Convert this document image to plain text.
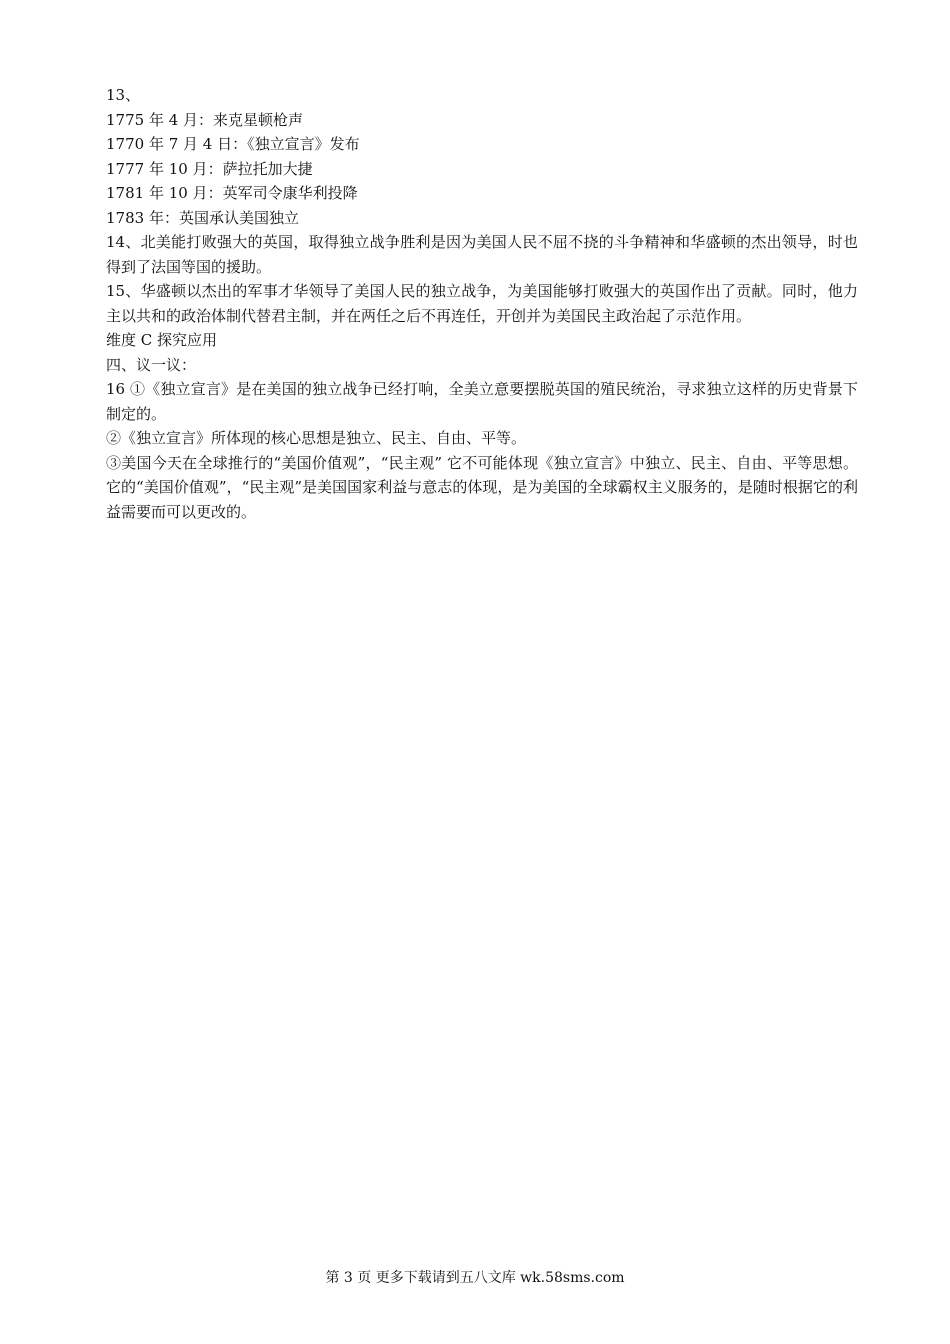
13、

1775 年 4 月：来克星顿枪声

1770 年 7 月 4 日：《独立宣言》发布

1777 年 10 月：萨拉托加大捷

1781 年 10 月：英军司令康华利投降

1783 年：英国承认美国独立

14、北美能打败强大的英国，取得独立战争胜利是因为美国人民不屈不挠的斗争精神和华盛顿的杰出领导，时也得到了法国等国的援助。

15、华盛顿以杰出的军事才华领导了美国人民的独立战争，为美国能够打败强大的英国作出了贡献。同时，他力主以共和的政治体制代替君主制，并在两任之后不再连任，开创并为美国民主政治起了示范作用。

维度 C 探究应用

四、议一议：

16 ①《独立宣言》是在美国的独立战争已经打响，全美立意要摆脱英国的殖民统治，寻求独立这样的历史背景下制定的。

②《独立宣言》所体现的核心思想是独立、民主、自由、平等。

③美国今天在全球推行的“美国价值观”，“民主观” 它不可能体现《独立宣言》中独立、民主、自由、平等思想。它的“美国价值观”，“民主观”是美国国家利益与意志的体现，是为美国的全球霸权主义服务的，是随时根据它的利益需要而可以更改的。

第 3 页 更多下载请到五八文库 wk.58sms.com
